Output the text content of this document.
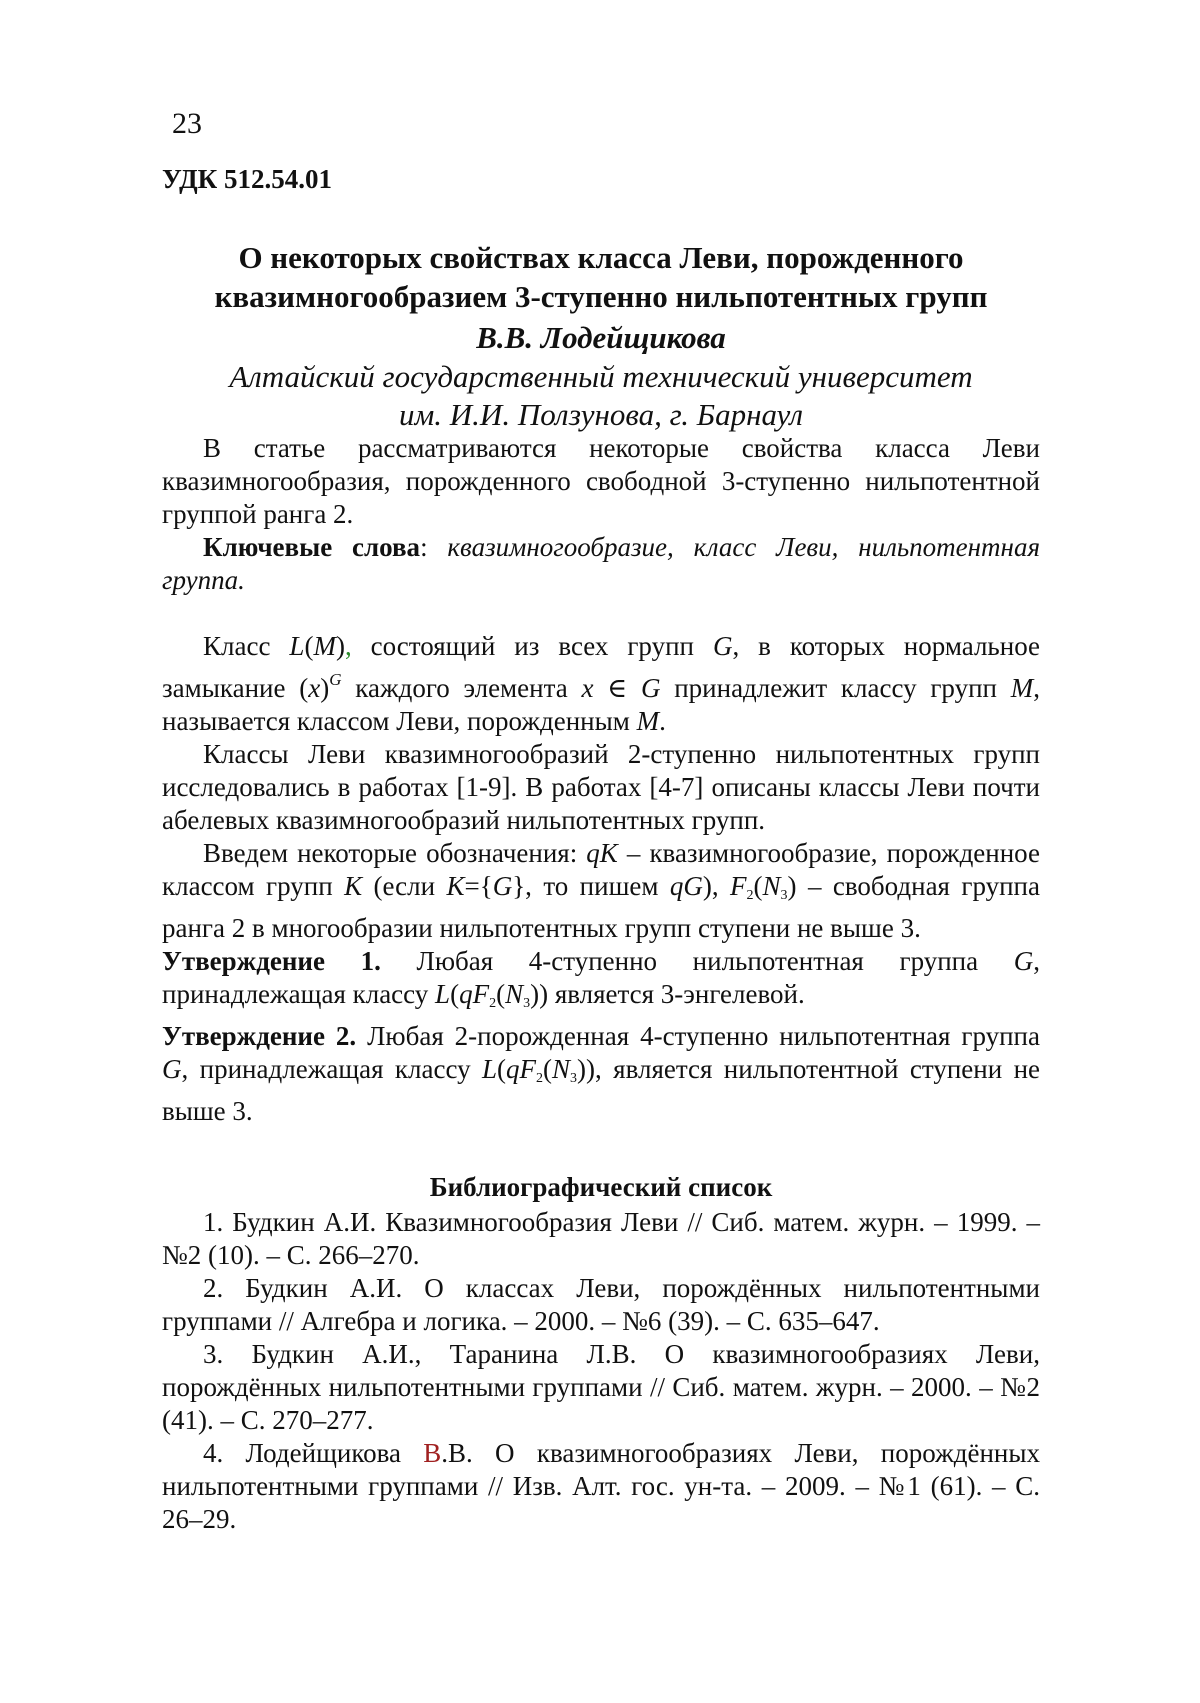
23
УДК 512.54.01
О некоторых свойствах класса Леви, порожденного
квазимногообразием 3-ступенно нильпотентных групп
В.В. Лодейщикова
Алтайский государственный технический университет
им. И.И. Ползунова, г. Барнаул

В статье рассматриваются некоторые свойства класса Леви квазимногообразия, порожденного свободной 3-ступенно нильпотентной группой ранга 2.

Ключевые слова: квазимногообразие, класс Леви, нильпотентная группа.

Класс L(M), состоящий из всех групп G, в которых нормальное замыкание (x)G каждого элемента x ∈ G принадлежит классу групп M, называется классом Леви, порожденным M.

Классы Леви квазимногообразий 2-ступенно нильпотентных групп исследовались в работах [1-9]. В работах [4-7] описаны классы Леви почти абелевых квазимногообразий нильпотентных групп.

Введем некоторые обозначения: qK – квазимногообразие, порожденное классом групп K (если K={G}, то пишем qG), F2(N3) – свободная группа ранга 2 в многообразии нильпотентных групп ступени не выше 3.

Утверждение 1. Любая 4-ступенно нильпотентная группа G, принадлежащая классу L(qF2(N3)) является 3-энгелевой.

Утверждение 2. Любая 2-порожденная 4-ступенно нильпотентная группа G, принадлежащая классу L(qF2(N3)), является нильпотентной ступени не выше 3.

Библиографический список

1. Будкин А.И. Квазимногообразия Леви // Сиб. матем. журн. – 1999. – №2 (10). – С. 266–270.

2. Будкин А.И. О классах Леви, порождённых нильпотентными группами // Алгебра и логика. – 2000. – №6 (39). – С. 635–647.

3. Будкин А.И., Таранина Л.В. О квазимногообразиях Леви, порождённых нильпотентными группами // Сиб. матем. журн. – 2000. – №2 (41). – С. 270–277.

4. Лодейщикова В.В. О квазимногообразиях Леви, порождённых нильпотентными группами // Изв. Алт. гос. ун-та. – 2009. – №1 (61). – С. 26–29.
